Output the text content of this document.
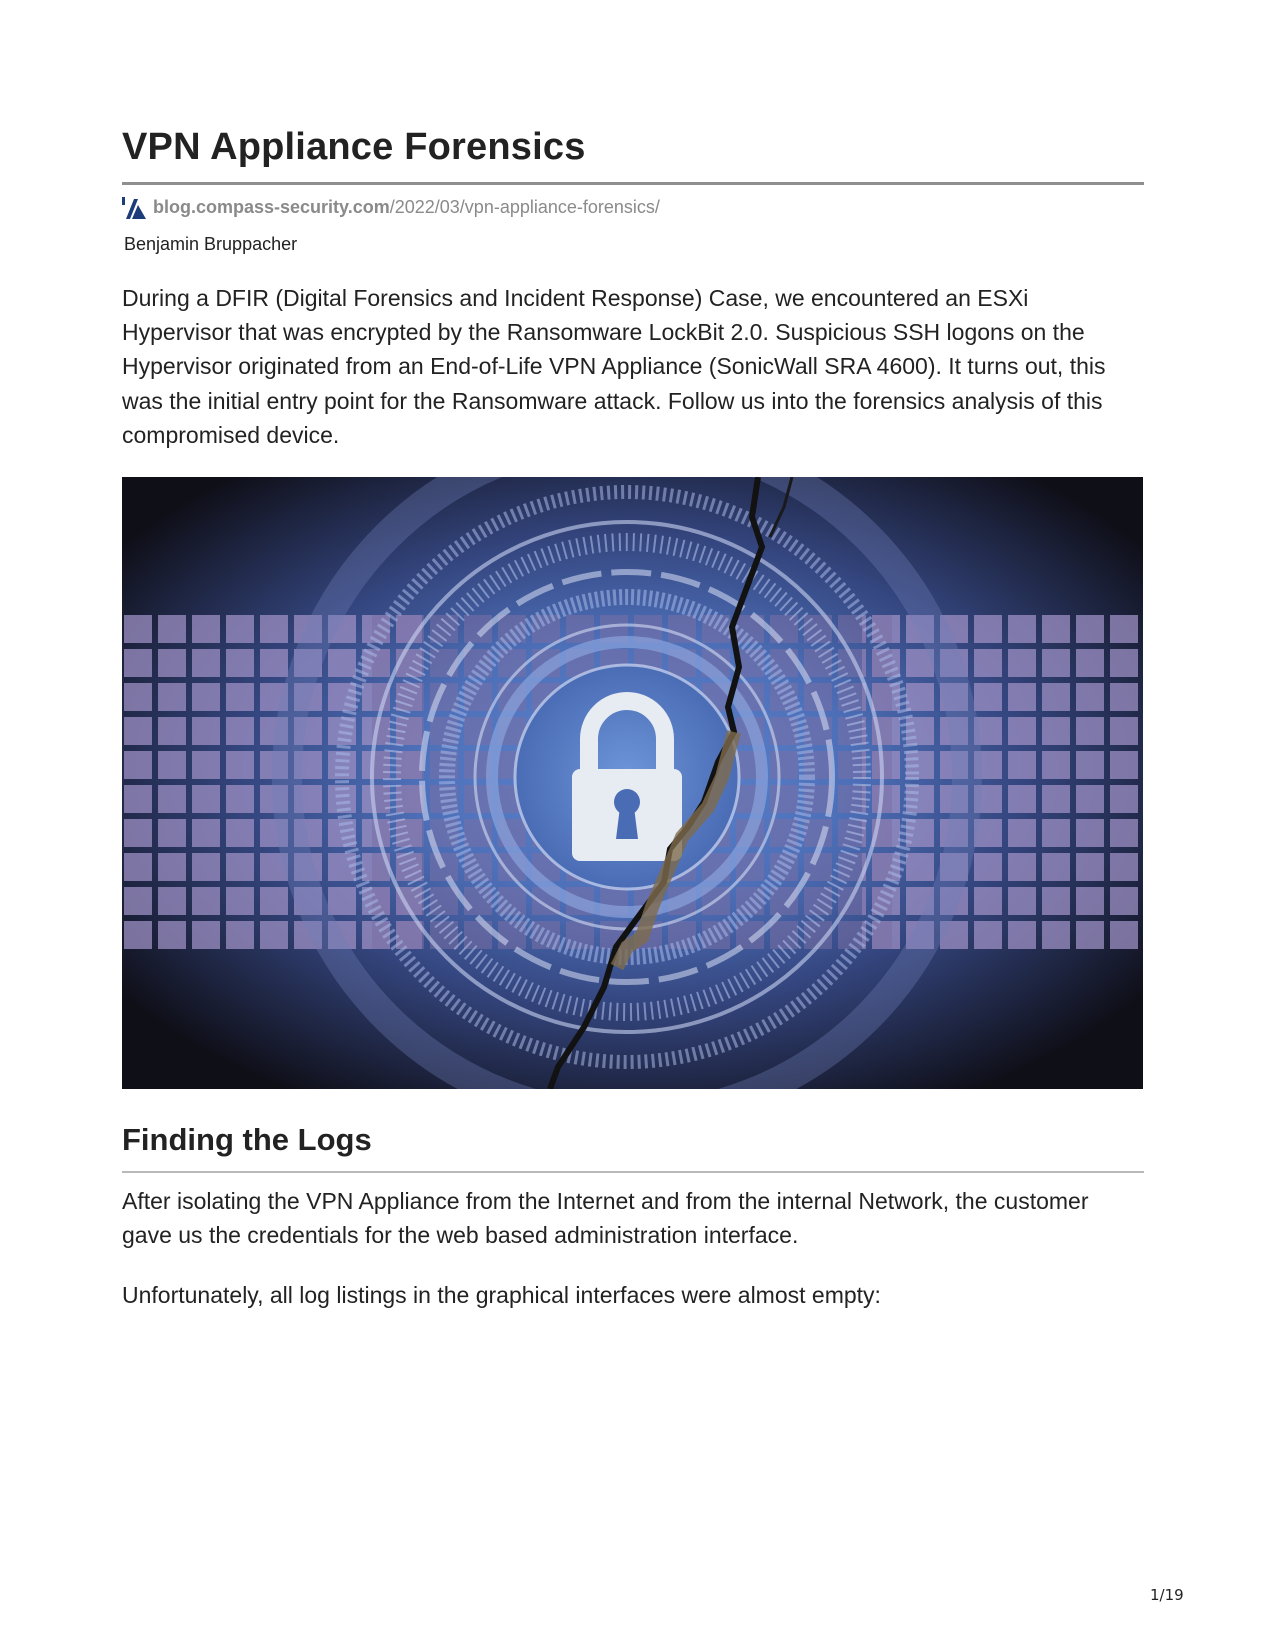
VPN Appliance Forensics
blog.compass-security.com /2022/03/vpn-appliance-forensics/
Benjamin Bruppacher

During a DFIR (Digital Forensics and Incident Response) Case, we encountered an ESXi Hypervisor that was encrypted by the Ransomware LockBit 2.0. Suspicious SSH logons on the Hypervisor originated from an End-of-Life VPN Appliance (SonicWall SRA 4600). It turns out, this was the initial entry point for the Ransomware attack. Follow us into the forensics analysis of this compromised device.

Finding the Logs

After isolating the VPN Appliance from the Internet and from the internal Network, the customer gave us the credentials for the web based administration interface.

Unfortunately, all log listings in the graphical interfaces were almost empty:

1/19
